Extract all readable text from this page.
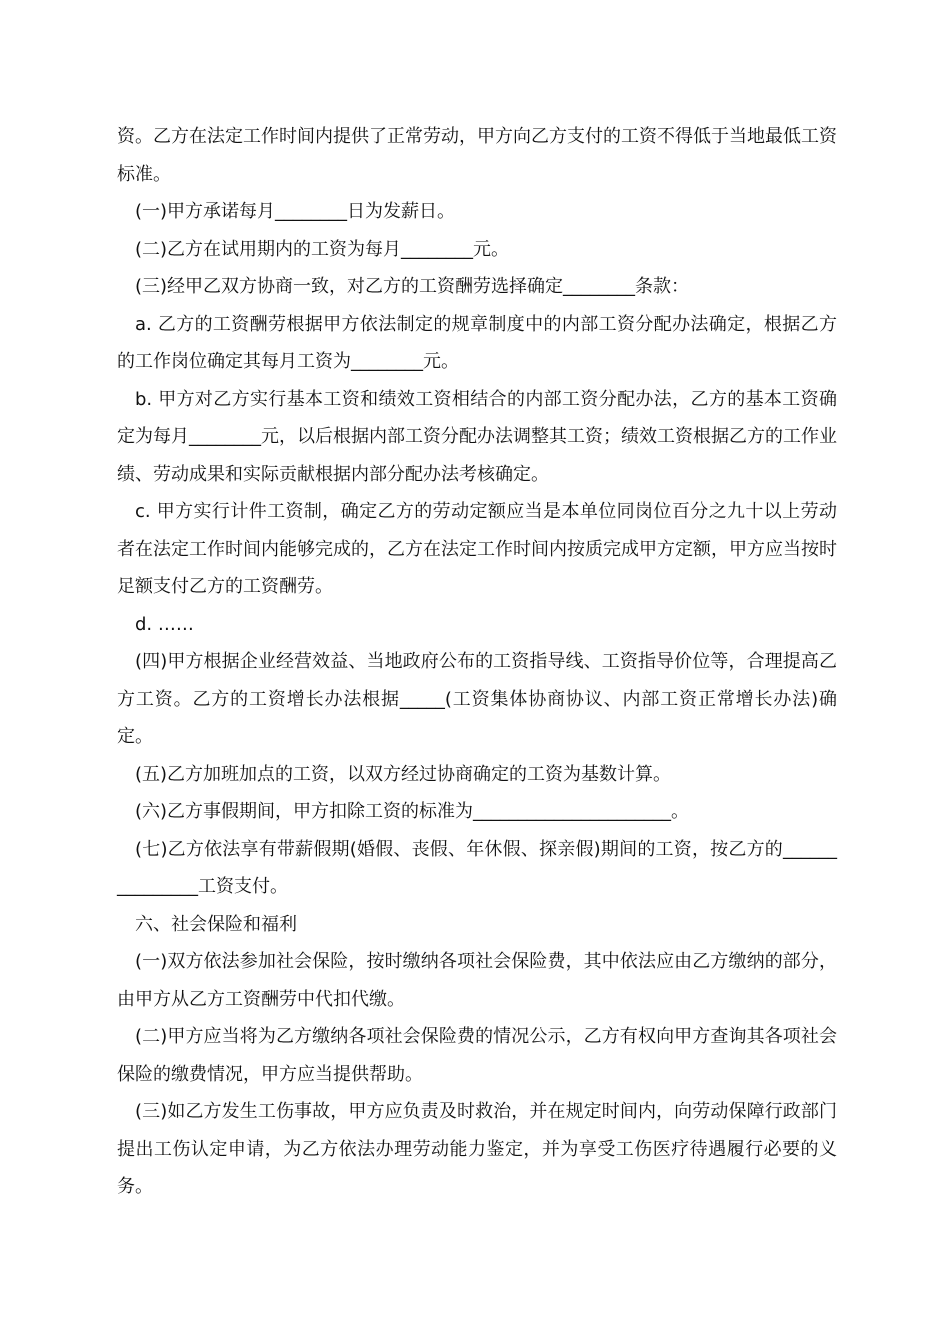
资。乙方在法定工作时间内提供了正常劳动，甲方向乙方支付的工资不得低于当地最低工资标准。

(一)甲方承诺每月________日为发薪日。

(二)乙方在试用期内的工资为每月________元。

(三)经甲乙双方协商一致，对乙方的工资酬劳选择确定________条款：

a. 乙方的工资酬劳根据甲方依法制定的规章制度中的内部工资分配办法确定，根据乙方的工作岗位确定其每月工资为________元。

b. 甲方对乙方实行基本工资和绩效工资相结合的内部工资分配办法，乙方的基本工资确定为每月________元，以后根据内部工资分配办法调整其工资；绩效工资根据乙方的工作业绩、劳动成果和实际贡献根据内部分配办法考核确定。

c. 甲方实行计件工资制，确定乙方的劳动定额应当是本单位同岗位百分之九十以上劳动者在法定工作时间内能够完成的，乙方在法定工作时间内按质完成甲方定额，甲方应当按时足额支付乙方的工资酬劳。

d. ……

(四)甲方根据企业经营效益、当地政府公布的工资指导线、工资指导价位等，合理提高乙方工资。乙方的工资增长办法根据_____(工资集体协商协议、内部工资正常增长办法)确定。

(五)乙方加班加点的工资，以双方经过协商确定的工资为基数计算。

(六)乙方事假期间，甲方扣除工资的标准为______________________。

(七)乙方依法享有带薪假期(婚假、丧假、年休假、探亲假)期间的工资，按乙方的_______________工资支付。

六、社会保险和福利

(一)双方依法参加社会保险，按时缴纳各项社会保险费，其中依法应由乙方缴纳的部分，由甲方从乙方工资酬劳中代扣代缴。

(二)甲方应当将为乙方缴纳各项社会保险费的情况公示，乙方有权向甲方查询其各项社会保险的缴费情况，甲方应当提供帮助。

(三)如乙方发生工伤事故，甲方应负责及时救治，并在规定时间内，向劳动保障行政部门提出工伤认定申请，为乙方依法办理劳动能力鉴定，并为享受工伤医疗待遇履行必要的义务。
